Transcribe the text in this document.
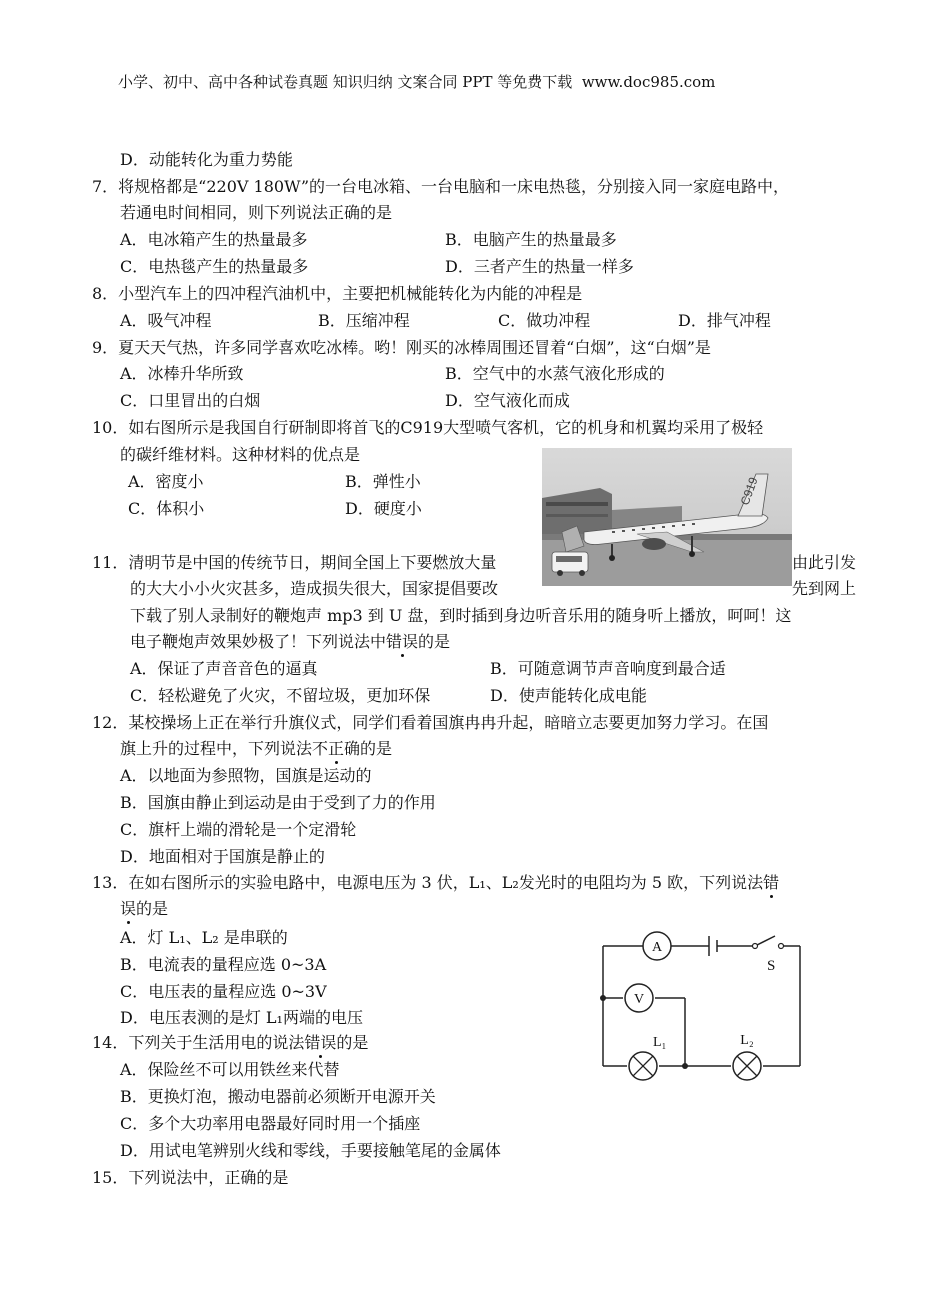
小学、初中、高中各种试卷真题 知识归纳 文案合同 PPT 等免费下载 www.doc985.com
D．动能转化为重力势能
7．将规格都是“220V 180W”的一台电冰箱、一台电脑和一床电热毯，分别接入同一家庭电路中，
若通电时间相同，则下列说法正确的是
A．电冰箱产生的热量最多	B．电脑产生的热量最多
C．电热毯产生的热量最多	D．三者产生的热量一样多
8．小型汽车上的四冲程汽油机中，主要把机械能转化为内能的冲程是
A．吸气冲程	B．压缩冲程	C．做功冲程	D．排气冲程
9．夏天天气热，许多同学喜欢吃冰棒。哟！刚买的冰棒周围还冒着“白烟”，这“白烟”是
A．冰棒升华所致	B．空气中的水蒸气液化形成的
C．口里冒出的白烟	D．空气液化而成
10．如右图所示是我国自行研制即将首飞的C919大型喷气客机，它的机身和机翼均采用了极轻
的碳纤维材料。这种材料的优点是
A．密度小	B．弹性小
C．体积小	D．硬度小
11．清明节是中国的传统节日，期间全国上下要燃放大量	由此引发
的大大小小火灾甚多，造成损失很大，国家提倡要改	先到网上
下载了别人录制好的鞭炮声 mp3 到 U 盘，到时插到身边听音乐用的随身听上播放，呵呵！这
电子鞭炮声效果妙极了！下列说法中错误的是
A．保证了声音音色的逼真	B．可随意调节声音响度到最合适
C．轻松避免了火灾，不留垃圾，更加环保	D．使声能转化成电能
C919
12．某校操场上正在举行升旗仪式，同学们看着国旗冉冉升起，暗暗立志要更加努力学习。在国
旗上升的过程中，下列说法不正确的是
A．以地面为参照物，国旗是运动的
B．国旗由静止到运动是由于受到了力的作用
C．旗杆上端的滑轮是一个定滑轮
D．地面相对于国旗是静止的
13．在如右图所示的实验电路中，电源电压为 3 伏，L₁、L₂发光时的电阻均为 5 欧，下列说法错
误的是
A．灯 L₁、L₂ 是串联的
B．电流表的量程应选 0~3A
C．电压表的量程应选 0~3V
D．电压表测的是灯 L₁两端的电压
A
V
S
L₁	L₂
14．下列关于生活用电的说法错误的是
A．保险丝不可以用铁丝来代替
B．更换灯泡，搬动电器前必须断开电源开关
C．多个大功率用电器最好同时用一个插座
D．用试电笔辨别火线和零线，手要接触笔尾的金属体
15．下列说法中，正确的是
